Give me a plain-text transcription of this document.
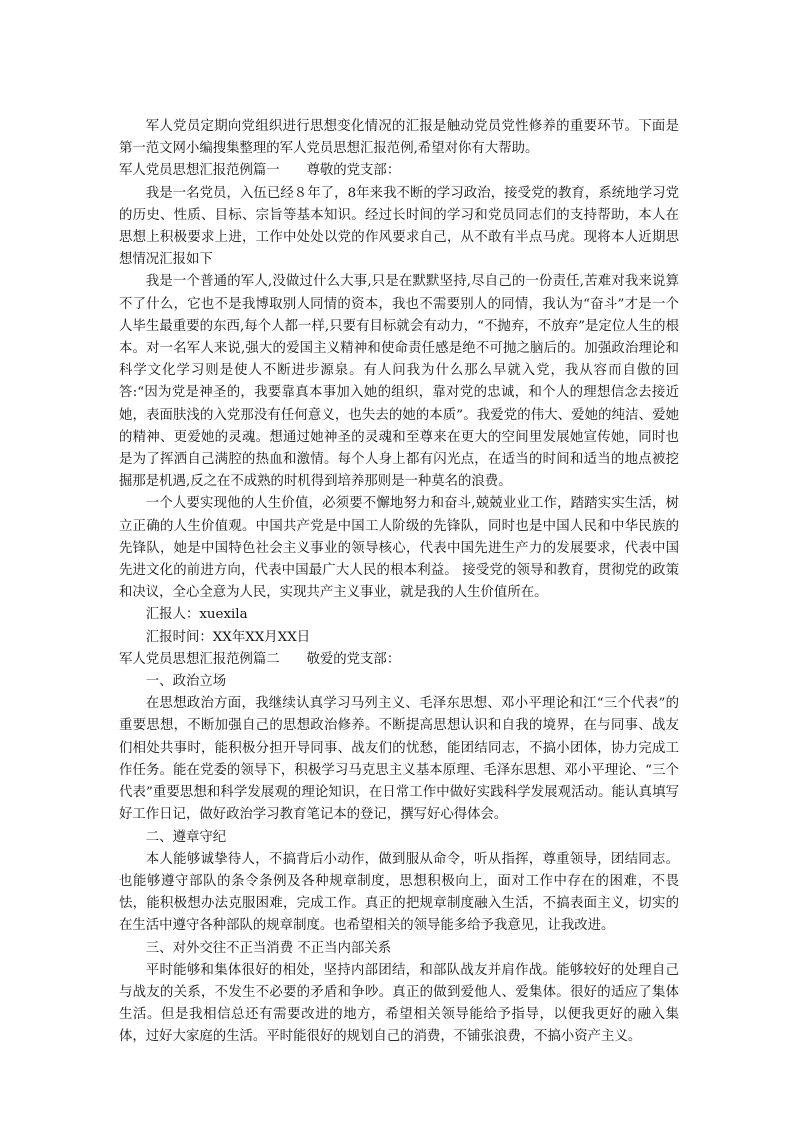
军人党员定期向党组织进行思想变化情况的汇报是触动党员党性修养的重要环节。下面是第一范文网小编搜集整理的军人党员思想汇报范例,希望对你有大帮助。

军人党员思想汇报范例篇一 尊敬的党支部：

我是一名党员，入伍已经８年了，8年来我不断的学习政治，接受党的教育，系统地学习党的历史、性质、目标、宗旨等基本知识。经过长时间的学习和党员同志们的支持帮助，本人在思想上积极要求上进，工作中处处以党的作风要求自己，从不敢有半点马虎。现将本人近期思想情况汇报如下

我是一个普通的军人,没做过什么大事,只是在默默坚持,尽自己的一份责任,苦难对我来说算不了什么，它也不是我博取别人同情的资本，我也不需要别人的同情，我认为“奋斗”才是一个人毕生最重要的东西,每个人都一样,只要有目标就会有动力，“不抛弃，不放弃”是定位人生的根本。对一名军人来说,强大的爱国主义精神和使命责任感是绝不可抛之脑后的。加强政治理论和科学文化学习则是使人不断进步源泉。有人问我为什么那么早就入党，我从容而自傲的回答:“因为党是神圣的，我要靠真本事加入她的组织，靠对党的忠诚，和个人的理想信念去接近她，表面肤浅的入党那没有任何意义，也失去的她的本质”。我爱党的伟大、爱她的纯洁、爱她的精神、更爱她的灵魂。想通过她神圣的灵魂和至尊来在更大的空间里发展她宣传她，同时也是为了挥洒自己满腔的热血和激情。每个人身上都有闪光点，在适当的时间和适当的地点被挖掘那是机遇,反之在不成熟的时机得到培养那则是一种莫名的浪费。

一个人要实现他的人生价值，必须要不懈地努力和奋斗,兢兢业业工作，踏踏实实生活，树立正确的人生价值观。中国共产党是中国工人阶级的先锋队，同时也是中国人民和中华民族的先锋队，她是中国特色社会主义事业的领导核心，代表中国先进生产力的发展要求，代表中国先进文化的前进方向，代表中国最广大人民的根本利益。 接受党的领导和教育，贯彻党的政策和决议，全心全意为人民，实现共产主义事业，就是我的人生价值所在。

汇报人：xuexila

汇报时间：XX年XX月XX日

军人党员思想汇报范例篇二 敬爱的党支部：

一、政治立场

在思想政治方面，我继续认真学习马列主义、毛泽东思想、邓小平理论和江“三个代表”的重要思想，不断加强自己的思想政治修养。不断提高思想认识和自我的境界，在与同事、战友们相处共事时，能积极分担开导同事、战友们的忧愁，能团结同志，不搞小团体，协力完成工作任务。能在党委的领导下，积极学习马克思主义基本原理、毛泽东思想、邓小平理论、“三个代表”重要思想和科学发展观的理论知识，在日常工作中做好实践科学发展观活动。能认真填写好工作日记，做好政治学习教育笔记本的登记，撰写好心得体会。

二、遵章守纪

本人能够诚挚待人，不搞背后小动作，做到服从命令，听从指挥，尊重领导，团结同志。也能够遵守部队的条令条例及各种规章制度，思想积极向上，面对工作中存在的困难，不畏怯，能积极想办法克服困难，完成工作。真正的把规章制度融入生活，不搞表面主义，切实的在生活中遵守各种部队的规章制度。也希望相关的领导能多给予我意见，让我改进。

三、对外交往不正当消费 不正当内部关系

平时能够和集体很好的相处，坚持内部团结，和部队战友并肩作战。能够较好的处理自己与战友的关系，不发生不必要的矛盾和争吵。真正的做到爱他人、爱集体。很好的适应了集体生活。但是我相信总还有需要改进的地方，希望相关领导能给予指导，以便我更好的融入集体，过好大家庭的生活。平时能很好的规划自己的消费，不铺张浪费，不搞小资产主义。
